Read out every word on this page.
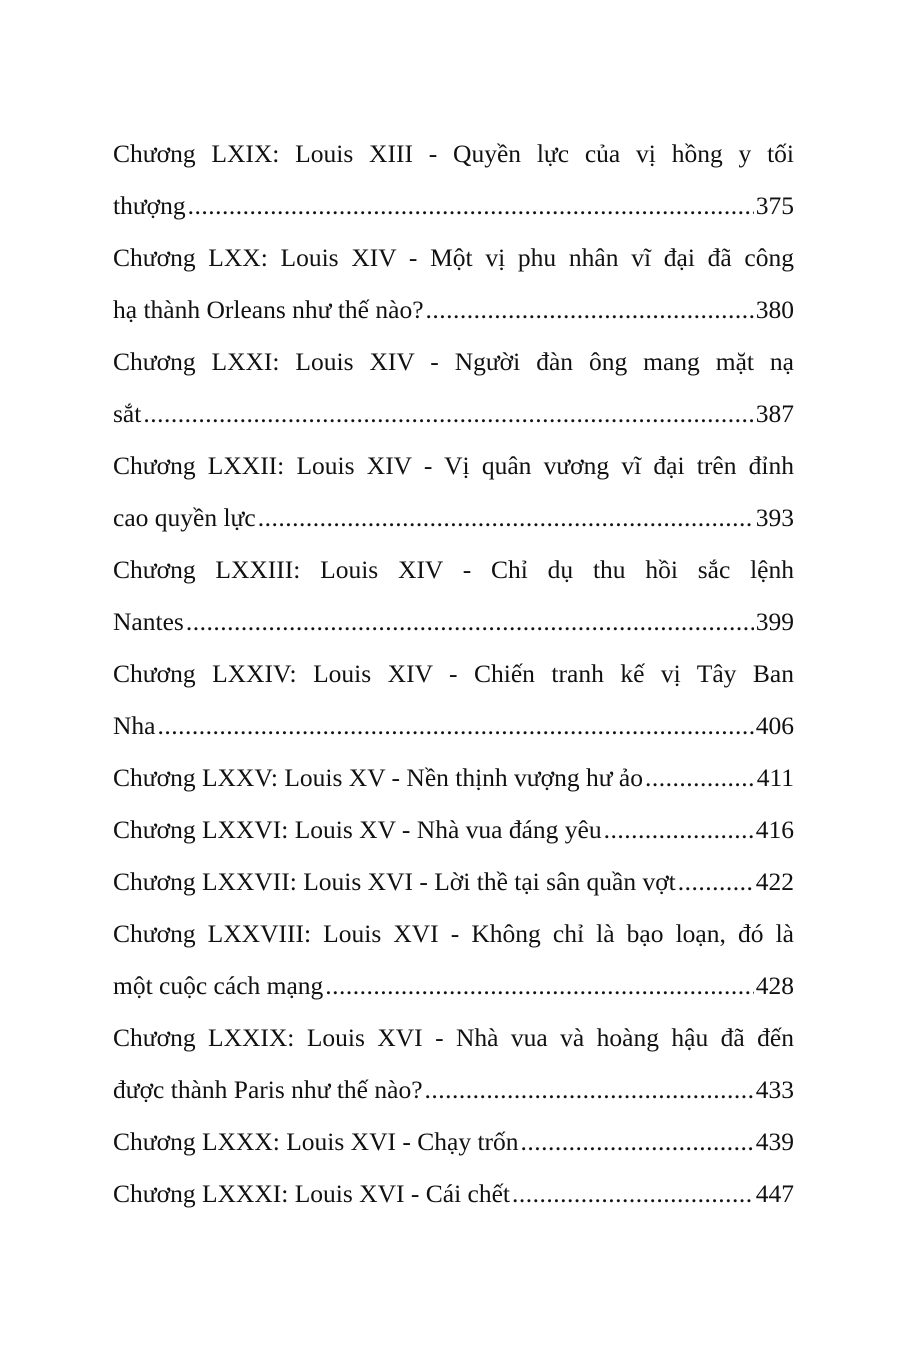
Chương LXIX: Louis XIII - Quyền lực của vị hồng y tối
thượng .....	375
Chương LXX: Louis XIV - Một vị phu nhân vĩ đại đã công
hạ thành Orleans như thế nào? .....	380
Chương LXXI: Louis XIV - Người đàn ông mang mặt nạ
sắt .....	387
Chương LXXII: Louis XIV - Vị quân vương vĩ đại trên đỉnh
cao quyền lực .....	393
Chương LXXIII: Louis XIV - Chỉ dụ thu hồi sắc lệnh
Nantes .....	399
Chương LXXIV: Louis XIV - Chiến tranh kế vị Tây Ban
Nha .....	406
Chương LXXV: Louis XV - Nền thịnh vượng hư ảo .....	411
Chương LXXVI: Louis XV - Nhà vua đáng yêu .....	416
Chương LXXVII: Louis XVI - Lời thề tại sân quần vợt .....	422
Chương LXXVIII: Louis XVI - Không chỉ là bạo loạn, đó là
một cuộc cách mạng .....	428
Chương LXXIX: Louis XVI - Nhà vua và hoàng hậu đã đến
được thành Paris như thế nào? .....	433
Chương LXXX: Louis XVI - Chạy trốn .....	439
Chương LXXXI: Louis XVI - Cái chết .....	447
